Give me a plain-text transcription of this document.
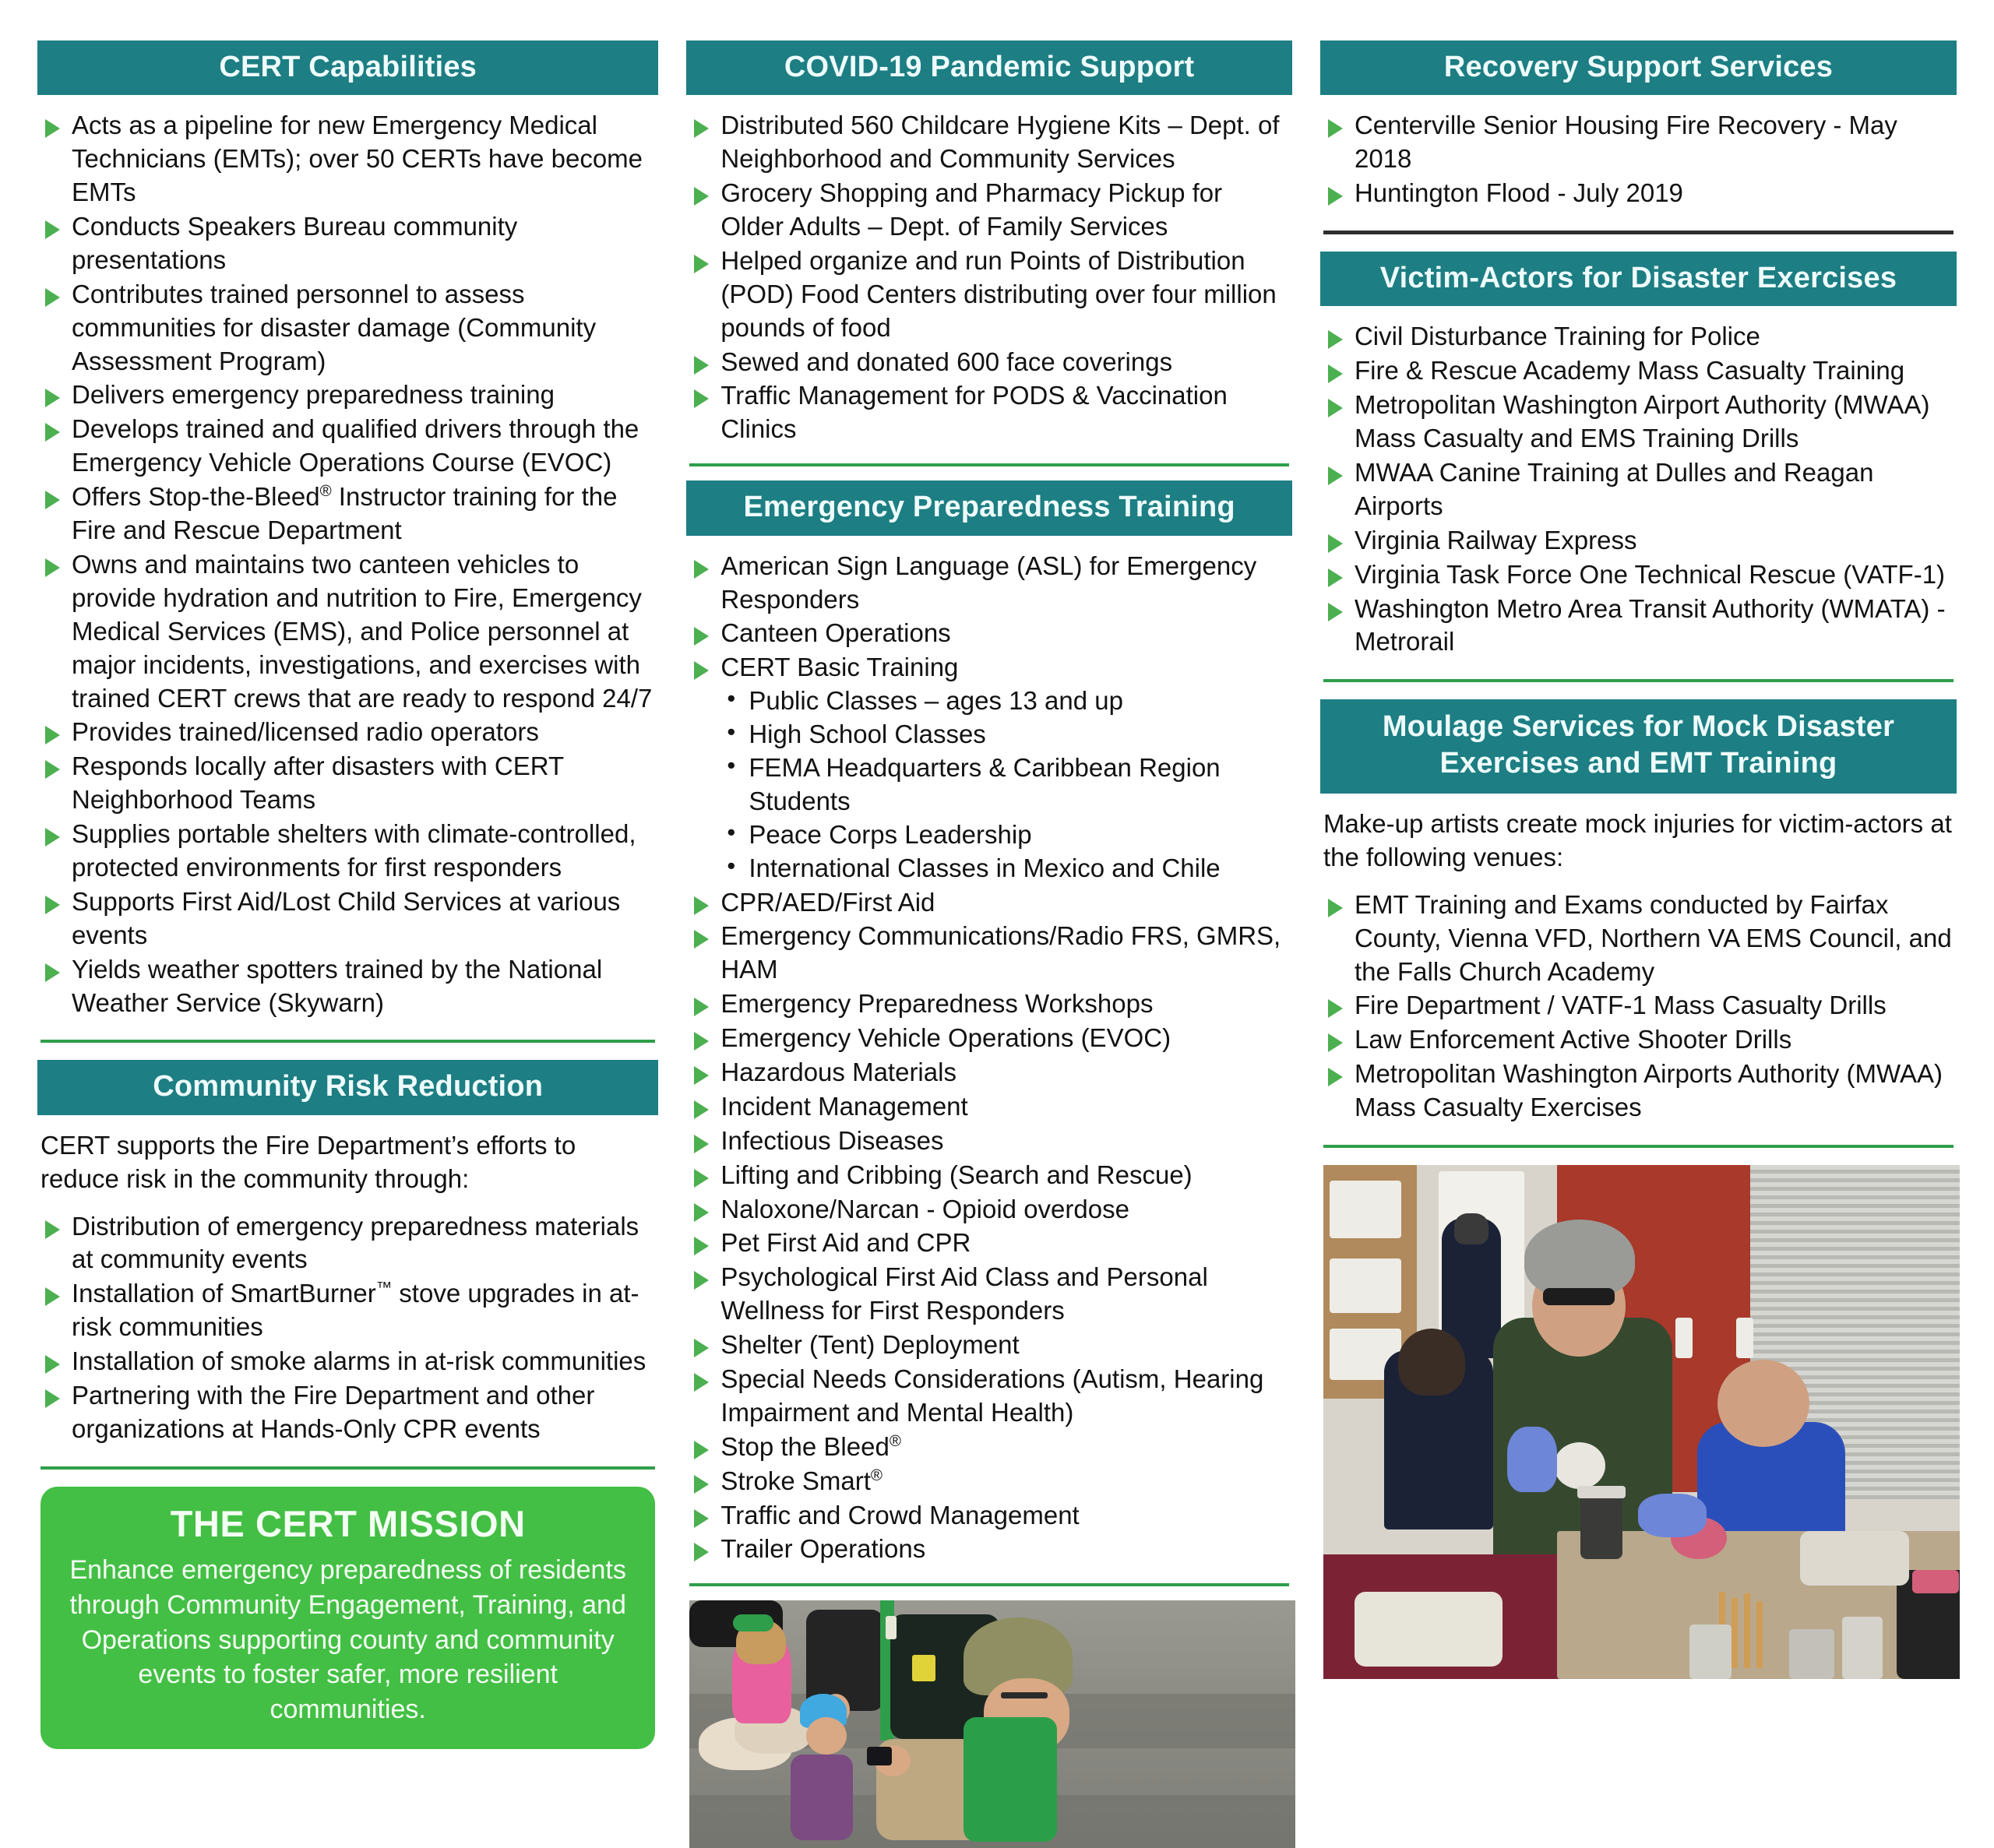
CERT Capabilities
Acts as a pipeline for new Emergency Medical Technicians (EMTs); over 50 CERTs have become EMTs
Conducts Speakers Bureau community presentations
Contributes trained personnel to assess communities for disaster damage (Community Assessment Program)
Delivers emergency preparedness training
Develops trained and qualified drivers through the Emergency Vehicle Operations Course (EVOC)
Offers Stop-the-Bleed® Instructor training for the Fire and Rescue Department
Owns and maintains two canteen vehicles to provide hydration and nutrition to Fire, Emergency Medical Services (EMS), and Police personnel at major incidents, investigations, and exercises with trained CERT crews that are ready to respond 24/7
Provides trained/licensed radio operators
Responds locally after disasters with CERT Neighborhood Teams
Supplies portable shelters with climate-controlled, protected environments for first responders
Supports First Aid/Lost Child Services at various events
Yields weather spotters trained by the National Weather Service (Skywarn)
Community Risk Reduction
CERT supports the Fire Department’s efforts to reduce risk in the community through:
Distribution of emergency preparedness materials at community events
Installation of SmartBurner™ stove upgrades in at-risk communities
Installation of smoke alarms in at-risk communities
Partnering with the Fire Department and other organizations at Hands-Only CPR events
THE CERT MISSION

Enhance emergency preparedness of residents through Community Engagement, Training, and Operations supporting county and community events to foster safer, more resilient communities.

COVID-19 Pandemic Support
Distributed 560 Childcare Hygiene Kits – Dept. of Neighborhood and Community Services
Grocery Shopping and Pharmacy Pickup for Older Adults – Dept. of Family Services
Helped organize and run Points of Distribution (POD) Food Centers distributing over four million pounds of food
Sewed and donated 600 face coverings
Traffic Management for PODS & Vaccination Clinics
Emergency Preparedness Training
American Sign Language (ASL) for Emergency Responders
Canteen Operations
CERT Basic Training
• Public Classes – ages 13 and up
• High School Classes
• FEMA Headquarters & Caribbean Region Students
• Peace Corps Leadership
• International Classes in Mexico and Chile
CPR/AED/First Aid
Emergency Communications/Radio FRS, GMRS, HAM
Emergency Preparedness Workshops
Emergency Vehicle Operations (EVOC)
Hazardous Materials
Incident Management
Infectious Diseases
Lifting and Cribbing (Search and Rescue)
Naloxone/Narcan - Opioid overdose
Pet First Aid and CPR
Psychological First Aid Class and Personal Wellness for First Responders
Shelter (Tent) Deployment
Special Needs Considerations (Autism, Hearing Impairment and Mental Health)
Stop the Bleed®
Stroke Smart®
Traffic and Crowd Management
Trailer Operations
Recovery Support Services
Centerville Senior Housing Fire Recovery - May 2018
Huntington Flood - July 2019
Victim-Actors for Disaster Exercises
Civil Disturbance Training for Police
Fire & Rescue Academy Mass Casualty Training
Metropolitan Washington Airport Authority (MWAA) Mass Casualty and EMS Training Drills
MWAA Canine Training at Dulles and Reagan Airports
Virginia Railway Express
Virginia Task Force One Technical Rescue (VATF-1)
Washington Metro Area Transit Authority (WMATA) - Metrorail
Moulage Services for Mock Disaster
Exercises and EMT Training
Make-up artists create mock injuries for victim-actors at the following venues:
EMT Training and Exams conducted by Fairfax County, Vienna VFD, Northern VA EMS Council, and the Falls Church Academy
Fire Department / VATF-1 Mass Casualty Drills
Law Enforcement Active Shooter Drills
Metropolitan Washington Airports Authority (MWAA) Mass Casualty Exercises
